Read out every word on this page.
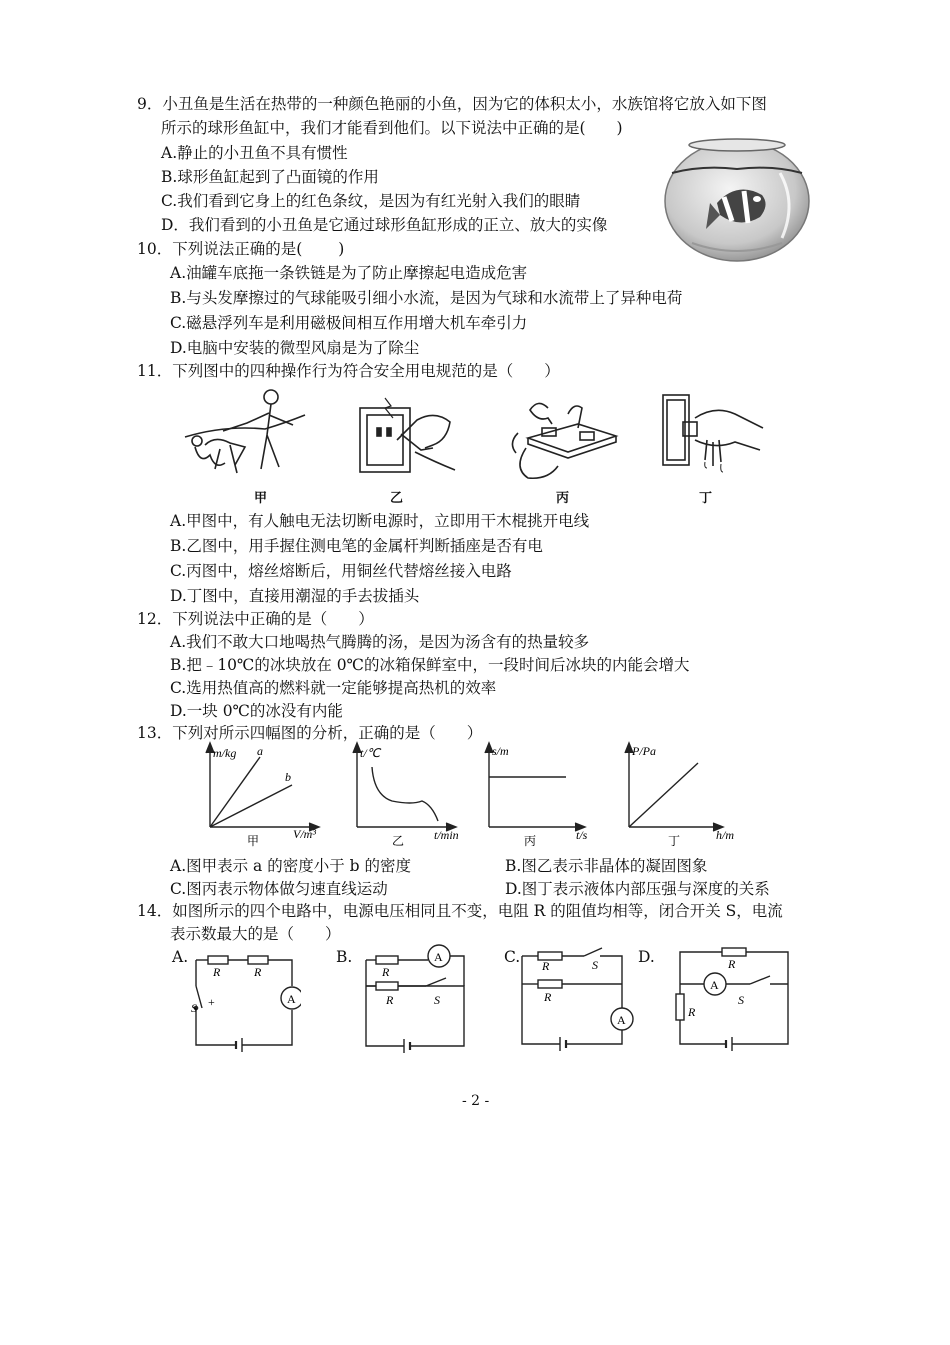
9．小丑鱼是生活在热带的一种颜色艳丽的小鱼，因为它的体积太小，水族馆将它放入如下图
所示的球形鱼缸中，我们才能看到他们。以下说法中正确的是(　　)
A.静止的小丑鱼不具有惯性
B.球形鱼缸起到了凸面镜的作用
C.我们看到它身上的红色条纹，是因为有红光射入我们的眼睛
D．我们看到的小丑鱼是它通过球形鱼缸形成的正立、放大的实像
10．下列说法正确的是(　　 )
A.油罐车底拖一条铁链是为了防止摩擦起电造成危害
B.与头发摩擦过的气球能吸引细小水流，是因为气球和水流带上了异种电荷
C.磁悬浮列车是利用磁极间相互作用增大机车牵引力
D.电脑中安装的微型风扇是为了除尘
11．下列图中的四种操作行为符合安全用电规范的是（　　）
甲	乙	丙	丁
A.甲图中，有人触电无法切断电源时，立即用干木棍挑开电线
B.乙图中，用手握住测电笔的金属杆判断插座是否有电
C.丙图中，熔丝熔断后，用铜丝代替熔丝接入电路
D.丁图中，直接用潮湿的手去拔插头
12．下列说法中正确的是（　　）
A.我们不敢大口地喝热气腾腾的汤，是因为汤含有的热量较多
B.把﹣10℃的冰块放在 0℃的冰箱保鲜室中，一段时间后冰块的内能会增大
C.选用热值高的燃料就一定能够提高热机的效率
D.一块 0℃的冰没有内能
13．下列对所示四幅图的分析，正确的是（　　）
m/kg a
b
甲	V/m³
t/℃
乙 t/min
s/m
丙	t/s
P/Pa
丁	h/m
A.图甲表示 a 的密度小于 b 的密度	B.图乙表示非晶体的凝固图象
C.图丙表示物体做匀速直线运动	D.图丁表示液体内部压强与深度的关系
14．如图所示的四个电路中，电源电压相同且不变，电阻 R 的阻值均相等，闭合开关 S，电流
表示数最大的是（　　）
A.	B.	C.	D.
A
R	R
S +
A
R
R	S
A
R
R
S
A
R
R
S
- 2 -
